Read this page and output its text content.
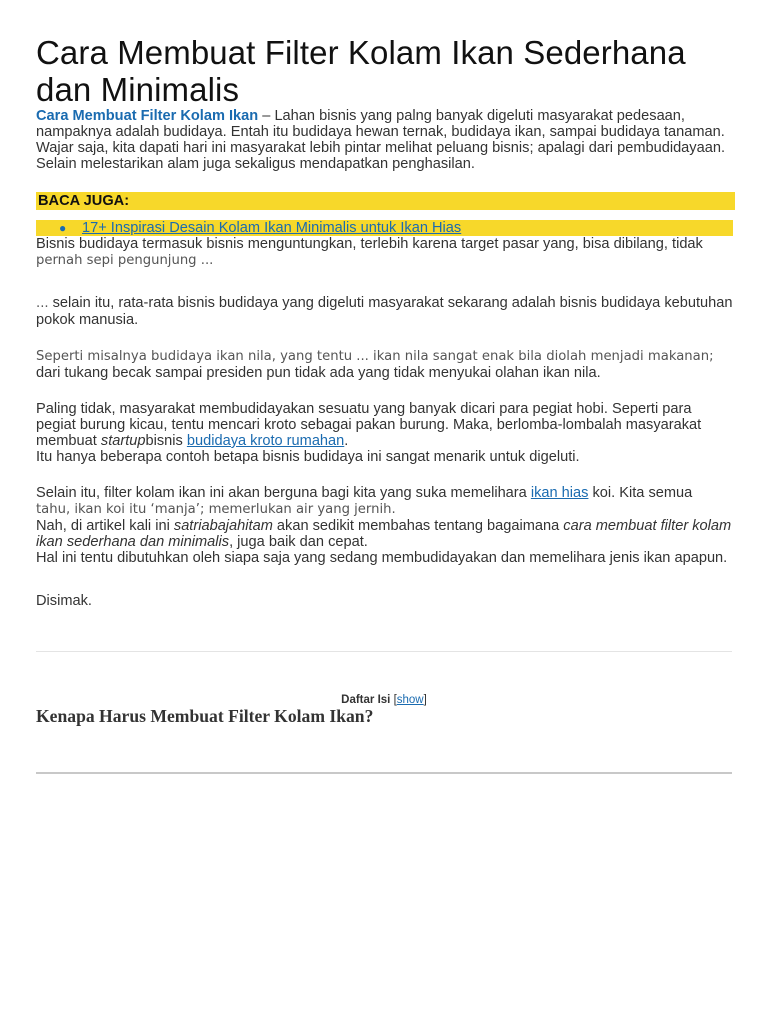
Cara Membuat Filter Kolam Ikan Sederhana dan Minimalis

Cara Membuat Filter Kolam Ikan – Lahan bisnis yang palng banyak digeluti masyarakat pedesaan, nampaknya adalah budidaya. Entah itu budidaya hewan ternak, budidaya ikan, sampai budidaya tanaman.

Wajar saja, kita dapati hari ini masyarakat lebih pintar melihat peluang bisnis; apalagi dari pembudidayaan. Selain melestarikan alam juga sekaligus mendapatkan penghasilan.

BACA JUGA:
● 17+ Inspirasi Desain Kolam Ikan Minimalis untuk Ikan Hias

Bisnis budidaya termasuk bisnis menguntungkan, terlebih karena target pasar yang, bisa dibilang, tidak
pernah sepi pengunjung ...

... selain itu, rata-rata bisnis budidaya yang digeluti masyarakat sekarang adalah bisnis budidaya kebutuhan pokok manusia.

Seperti misalnya budidaya ikan nila, yang tentu ... ikan nila sangat enak bila diolah menjadi makanan;
dari tukang becak sampai presiden pun tidak ada yang tidak menyukai olahan ikan nila.

Paling tidak, masyarakat membudidayakan sesuatu yang banyak dicari para pegiat hobi. Seperti para
pegiat burung kicau, tentu mencari kroto sebagai pakan burung. Maka, berlomba-lombalah masyarakat
membuat startupbisnis budidaya kroto rumahan.

Itu hanya beberapa contoh betapa bisnis budidaya ini sangat menarik untuk digeluti.

Selain itu, filter kolam ikan ini akan berguna bagi kita yang suka memelihara ikan hias koi. Kita semua
tahu, ikan koi itu ‘manja’; memerlukan air yang jernih.

Nah, di artikel kali ini satriabajahitam akan sedikit membahas tentang bagaimana cara membuat filter kolam ikan sederhana dan minimalis, juga baik dan cepat.

Hal ini tentu dibutuhkan oleh siapa saja yang sedang membudidayakan dan memelihara jenis ikan apapun.

Disimak.

Daftar Isi [show]
Kenapa Harus Membuat Filter Kolam Ikan?
